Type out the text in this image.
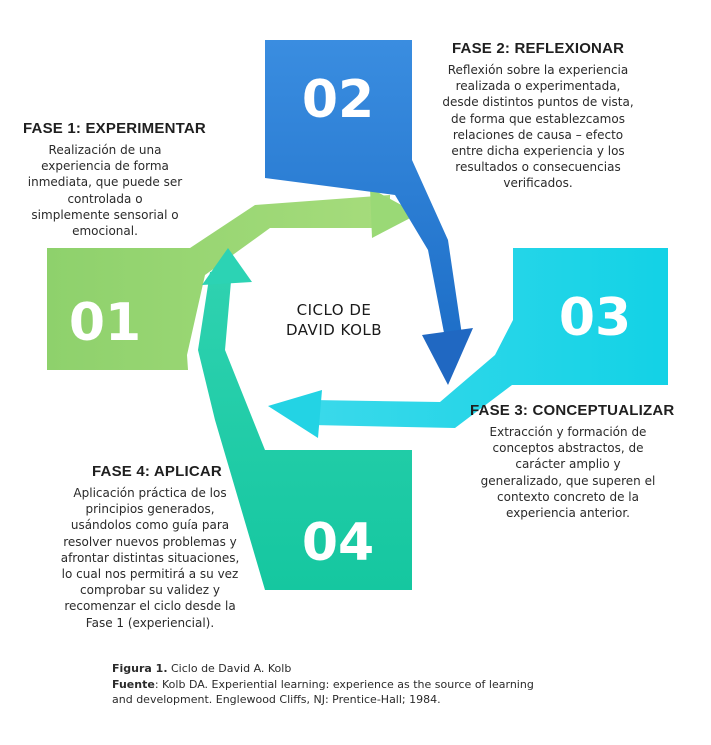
01
02
03
04
CICLO DE
DAVID KOLB
FASE 1: EXPERIMENTAR
Realización de una
experiencia de forma
inmediata, que puede ser
controlada o
simplemente sensorial o
emocional.
FASE 2: REFLEXIONAR
Reflexión sobre la experiencia
realizada o experimentada,
desde distintos puntos de vista,
de forma que establezcamos
relaciones de causa – efecto
entre dicha experiencia y los
resultados o consecuencias
verificados.
FASE 3: CONCEPTUALIZAR
Extracción y formación de
conceptos abstractos, de
carácter amplio y
generalizado, que superen el
contexto concreto de la
experiencia anterior.
FASE 4: APLICAR
Aplicación práctica de los
principios generados,
usándolos como guía para
resolver nuevos problemas y
afrontar distintas situaciones,
lo cual nos permitirá a su vez
comprobar su validez y
recomenzar el ciclo desde la
Fase 1 (experiencial).
Figura 1. Ciclo de David A. Kolb
Fuente: Kolb DA. Experiential learning: experience as the source of learning
and development. Englewood Cliffs, NJ: Prentice-Hall; 1984.
